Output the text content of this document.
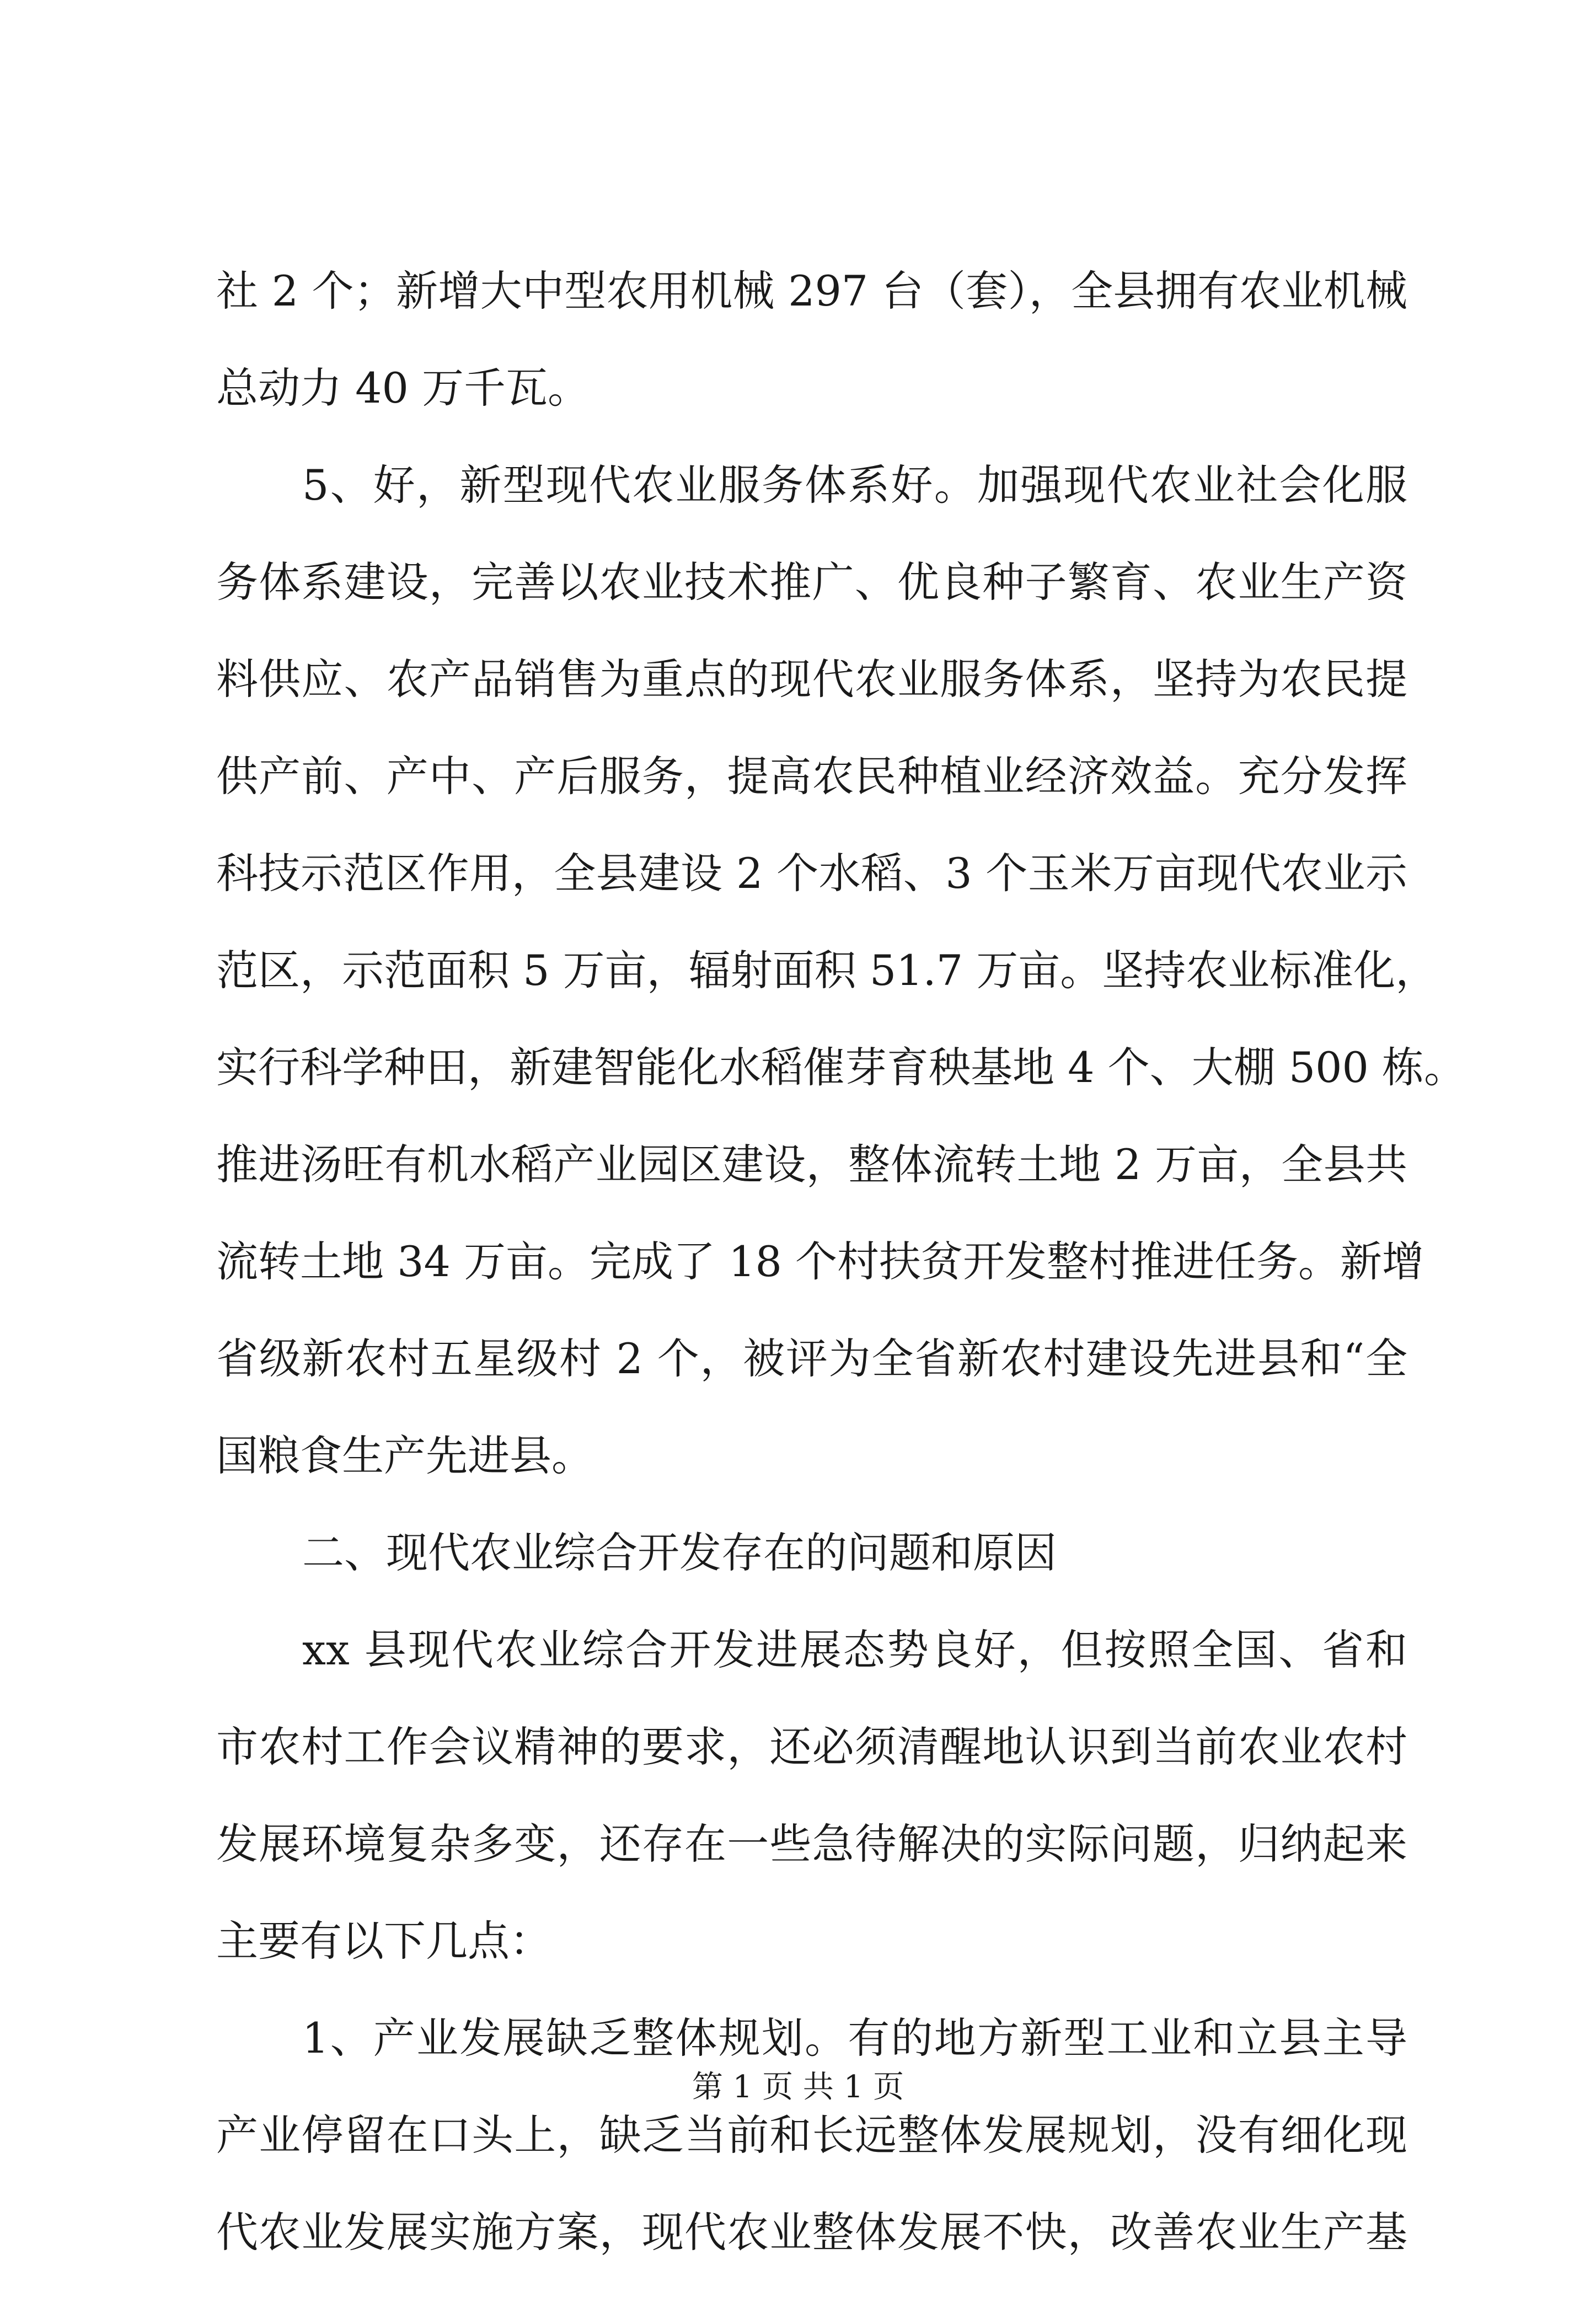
社 2 个；新增大中型农用机械 297 台（套），全县拥有农业机械
总动力 40 万千瓦。
5、好，新型现代农业服务体系好。加强现代农业社会化服
务体系建设，完善以农业技术推广、优良种子繁育、农业生产资
料供应、农产品销售为重点的现代农业服务体系，坚持为农民提
供产前、产中、产后服务，提高农民种植业经济效益。充分发挥
科技示范区作用，全县建设 2 个水稻、3 个玉米万亩现代农业示
范区，示范面积 5 万亩，辐射面积 51.7 万亩。坚持农业标准化，
实行科学种田，新建智能化水稻催芽育秧基地 4 个、大棚 500 栋。
推进汤旺有机水稻产业园区建设，整体流转土地 2 万亩，全县共
流转土地 34 万亩。完成了 18 个村扶贫开发整村推进任务。新增
省级新农村五星级村 2 个，被评为全省新农村建设先进县和“全
国粮食生产先进县。
二、现代农业综合开发存在的问题和原因
xx 县现代农业综合开发进展态势良好，但按照全国、省和
市农村工作会议精神的要求，还必须清醒地认识到当前农业农村
发展环境复杂多变，还存在一些急待解决的实际问题，归纳起来
主要有以下几点：
1、产业发展缺乏整体规划。有的地方新型工业和立县主导
产业停留在口头上，缺乏当前和长远整体发展规划，没有细化现
代农业发展实施方案，现代农业整体发展不快，改善农业生产基
第 1 页 共 1 页
